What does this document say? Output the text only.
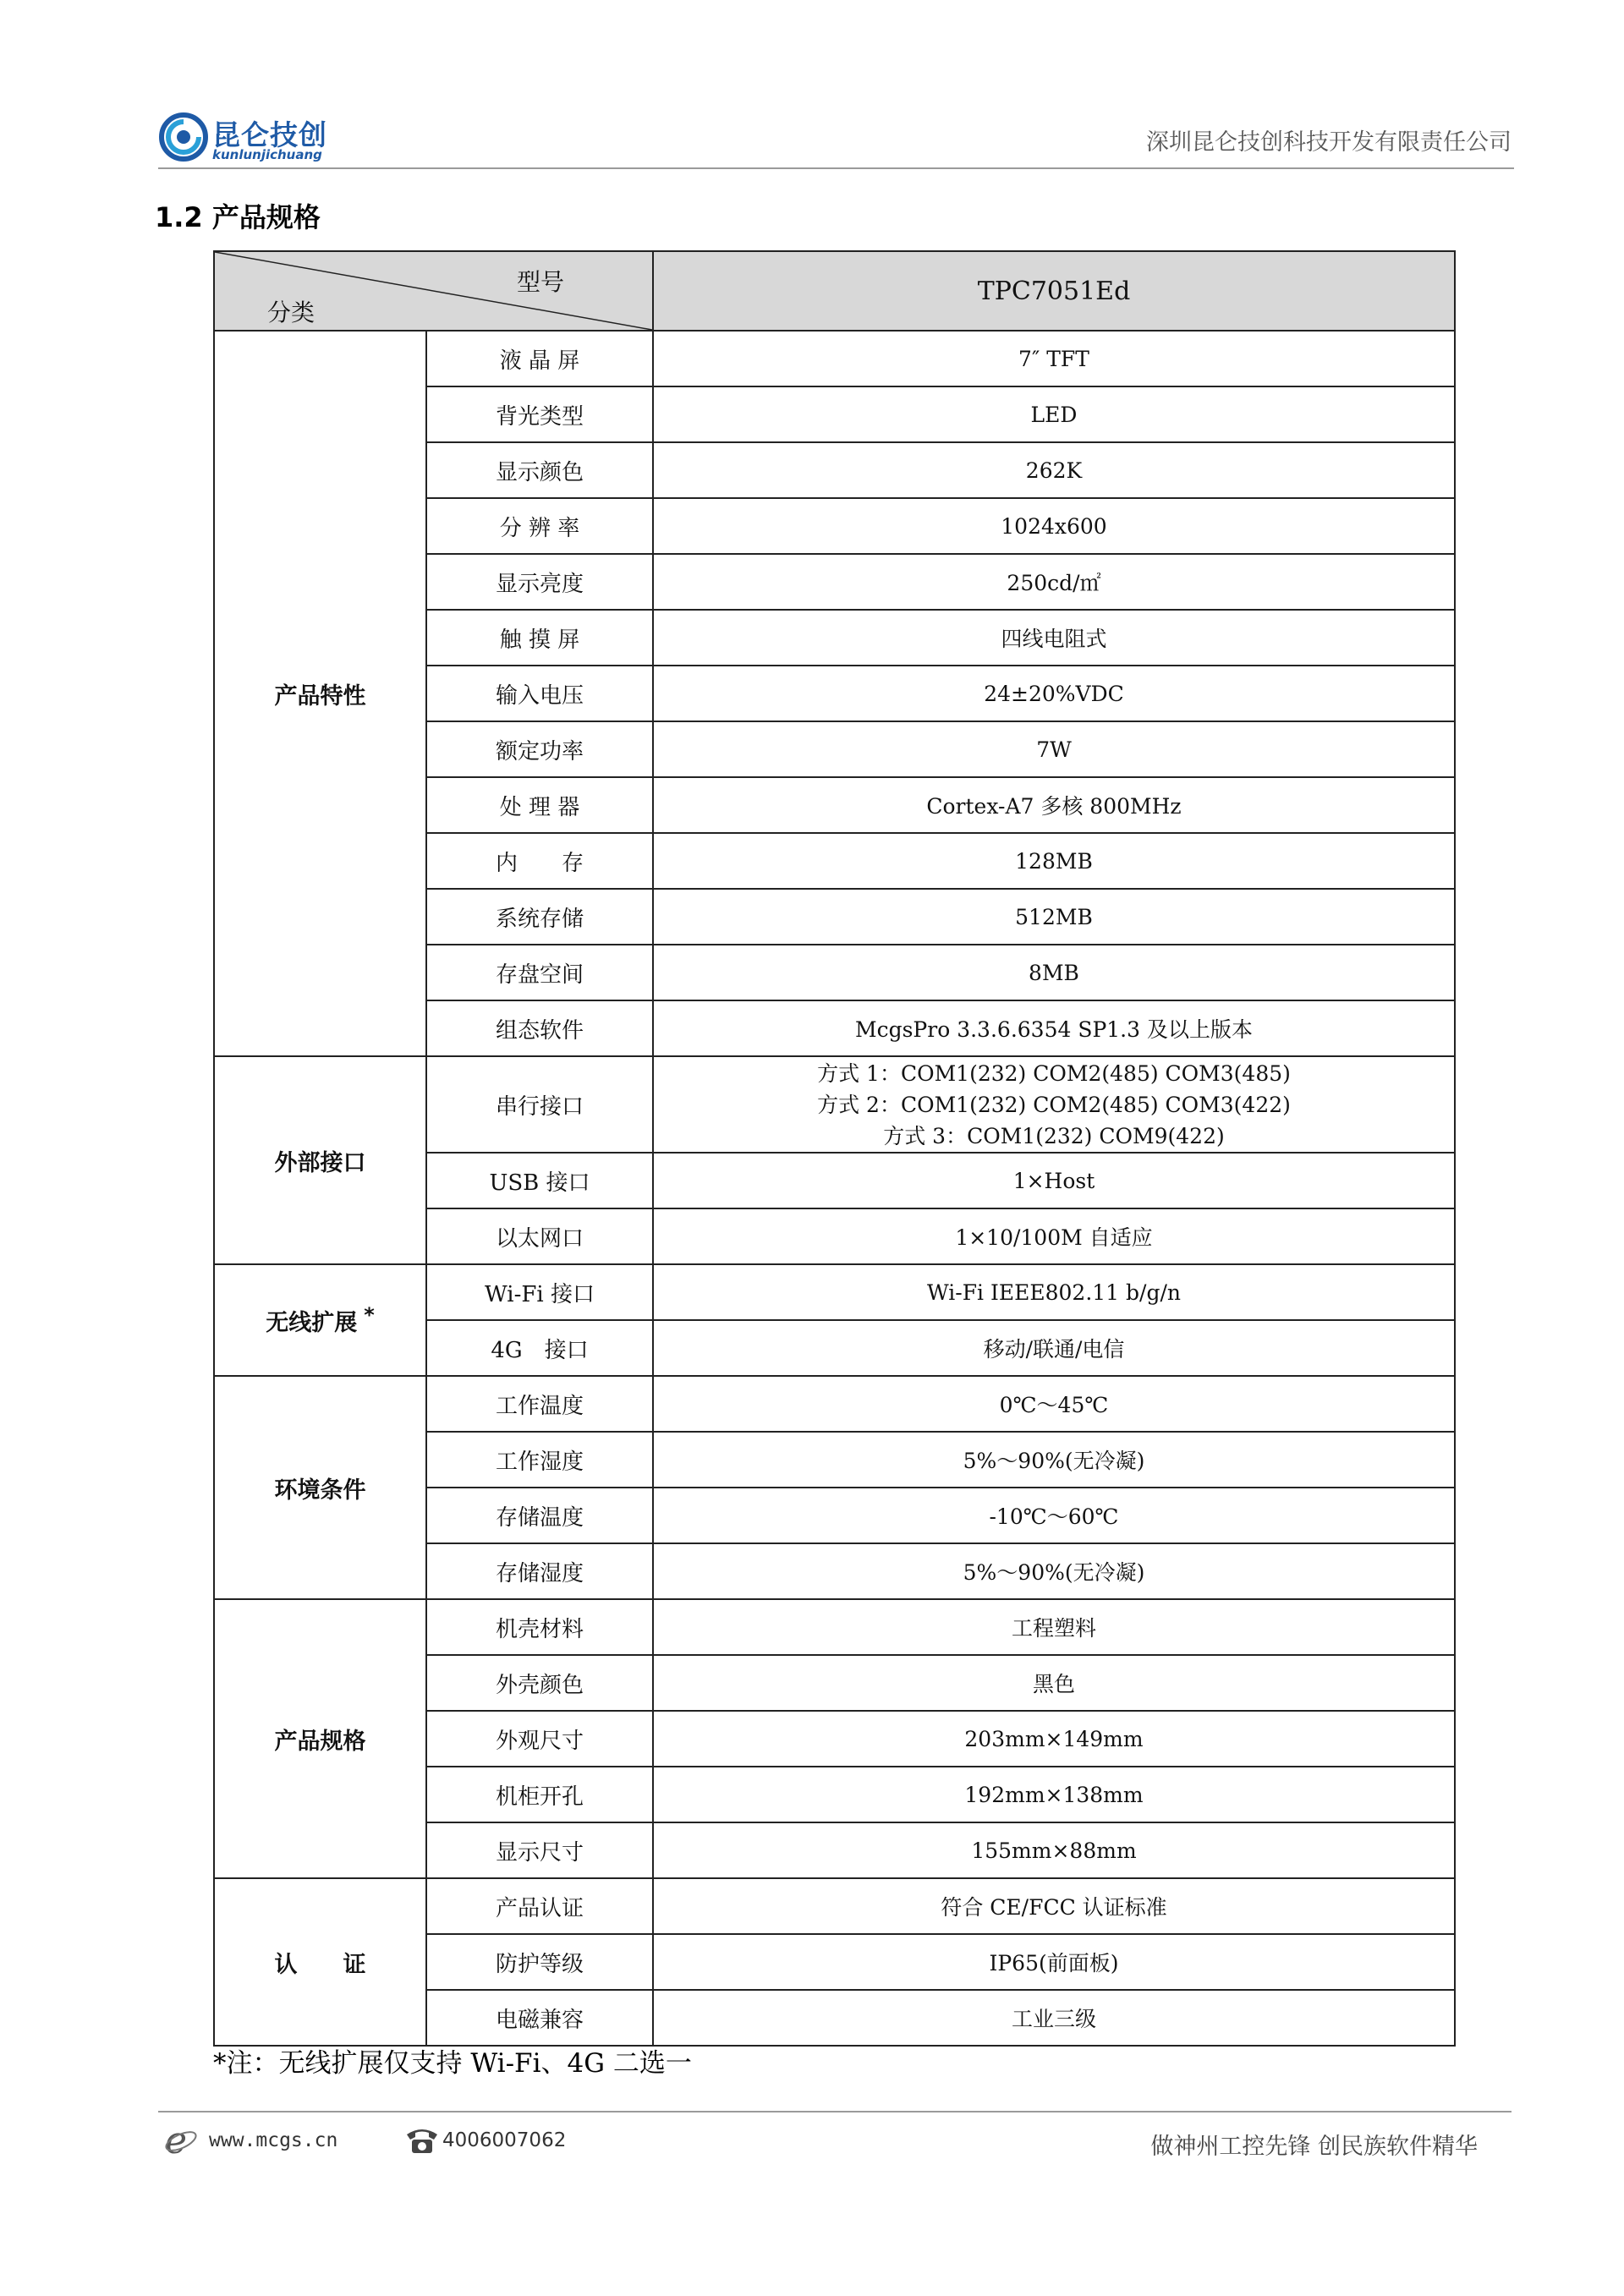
昆仑技创
kunlunjichuang	深圳昆仑技创科技开发有限责任公司
1.2 产品规格
型号
分类		TPC7051Ed
产品特性	液 晶 屏	7″ TFT
	背光类型	LED
	显示颜色	262K
	分 辨 率	1024x600
	显示亮度	250cd/㎡
	触 摸 屏	四线电阻式
	输入电压	24±20%VDC
	额定功率	7W
	处 理 器	Cortex-A7 多核 800MHz
	内　　存	128MB
	系统存储	512MB
	存盘空间	8MB
	组态软件	McgsPro 3.3.6.6354 SP1.3 及以上版本
外部接口	串行接口	方式 1：COM1(232) COM2(485) COM3(485)
方式 2：COM1(232) COM2(485) COM3(422)
方式 3：COM1(232) COM9(422)

	USB 接口	1×Host
	以太网口	1×10/100M 自适应
无线扩展 *	Wi-Fi 接口	Wi-Fi IEEE802.11 b/g/n
	4G　接口	移动/联通/电信
环境条件	工作温度	0℃～45℃
	工作湿度	5%～90%(无冷凝)
	存储温度	-10℃～60℃
	存储湿度	5%～90%(无冷凝)
产品规格	机壳材料	工程塑料
	外壳颜色	黑色
	外观尺寸	203mm×149mm
	机柜开孔	192mm×138mm
	显示尺寸	155mm×88mm
认　　证	产品认证	符合 CE/FCC 认证标准
	防护等级	IP65(前面板)
	电磁兼容	工业三级
*注：无线扩展仅支持 Wi-Fi、4G 二选一
e www.mcgs.cn	4006007062	做神州工控先锋 创民族软件精华
